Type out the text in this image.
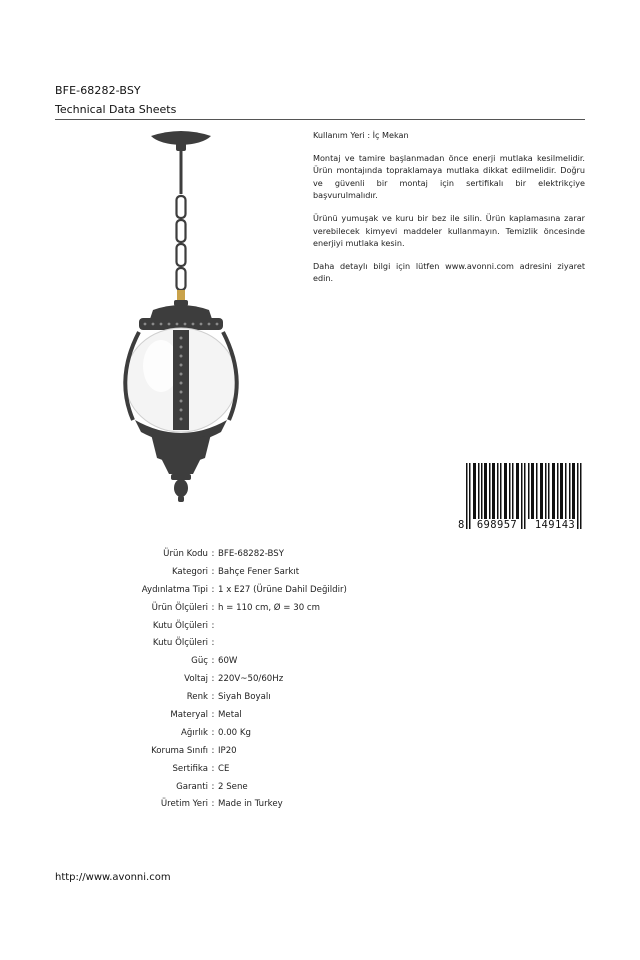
BFE-68282-BSY
Technical Data Sheets

Kullanım Yeri : İç Mekan

Montaj ve tamire başlanmadan önce enerji mutlaka kesilmelidir. Ürün montajında topraklamaya mutlaka dikkat edilmelidir. Doğru ve güvenli bir montaj için sertifikalı bir elektrikçiye başvurulmalıdır.

Ürünü yumuşak ve kuru bir bez ile silin. Ürün kaplamasına zarar verebilecek kimyevi maddeler kullanmayın. Temizlik öncesinde enerjiyi mutlaka kesin.

Daha detaylı bilgi için lütfen www.avonni.com adresini ziyaret edin.

8	698957	149143
Ürün Kodu : BFE-68282-BSY
Kategori : Bahçe Fener Sarkıt
Aydınlatma Tipi : 1 x E27 (Ürüne Dahil Değildir)
Ürün Ölçüleri : h = 110 cm, Ø = 30 cm
Kutu Ölçüleri :
Kutu Ölçüleri :
Güç : 60W
Voltaj : 220V~50/60Hz
Renk : Siyah Boyalı
Materyal : Metal
Ağırlık : 0.00 Kg
Koruma Sınıfı : IP20
Sertifika : CE
Garanti : 2 Sene
Üretim Yeri : Made in Turkey
http://www.avonni.com
